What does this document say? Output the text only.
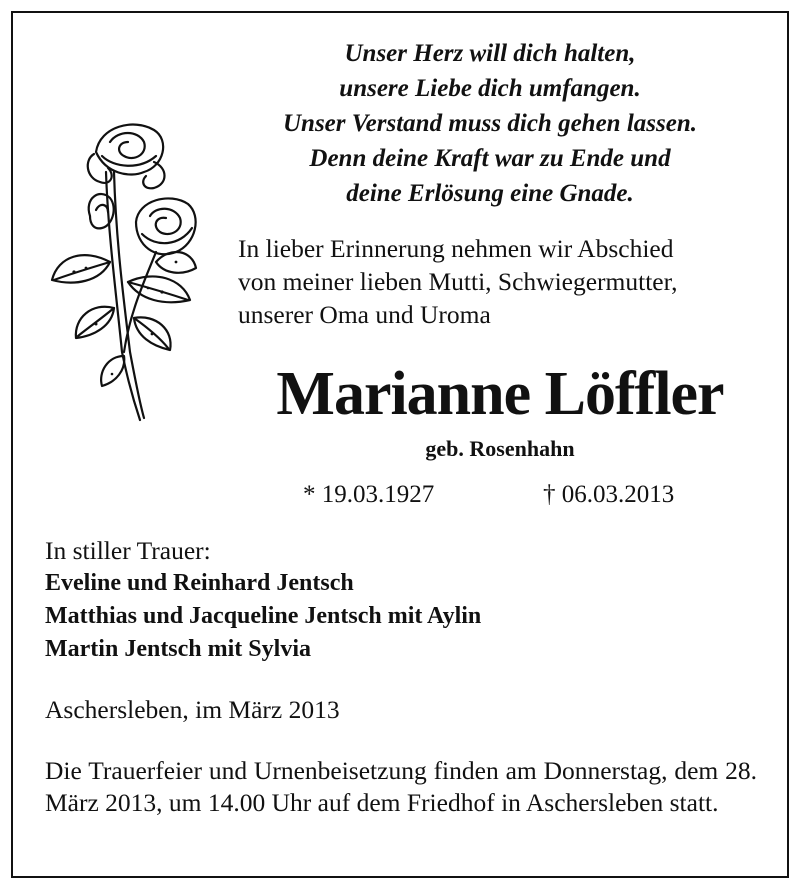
Unser Herz will dich halten,
unsere Liebe dich umfangen.
Unser Verstand muss dich gehen lassen.
Denn deine Kraft war zu Ende und
deine Erlösung eine Gnade.
In lieber Erinnerung nehmen wir Abschied
von meiner lieben Mutti, Schwiegermutter,
unserer Oma und Uroma
Marianne Löffler
geb. Rosenhahn
* 19.03.1927	† 06.03.2013
In stiller Trauer:
Eveline und Reinhard Jentsch
Matthias und Jacqueline Jentsch mit Aylin
Martin Jentsch mit Sylvia
Aschersleben, im März 2013
Die Trauerfeier und Urnenbeisetzung finden am Donnerstag, dem 28. März 2013, um 14.00 Uhr auf dem Friedhof in Aschersleben statt.
